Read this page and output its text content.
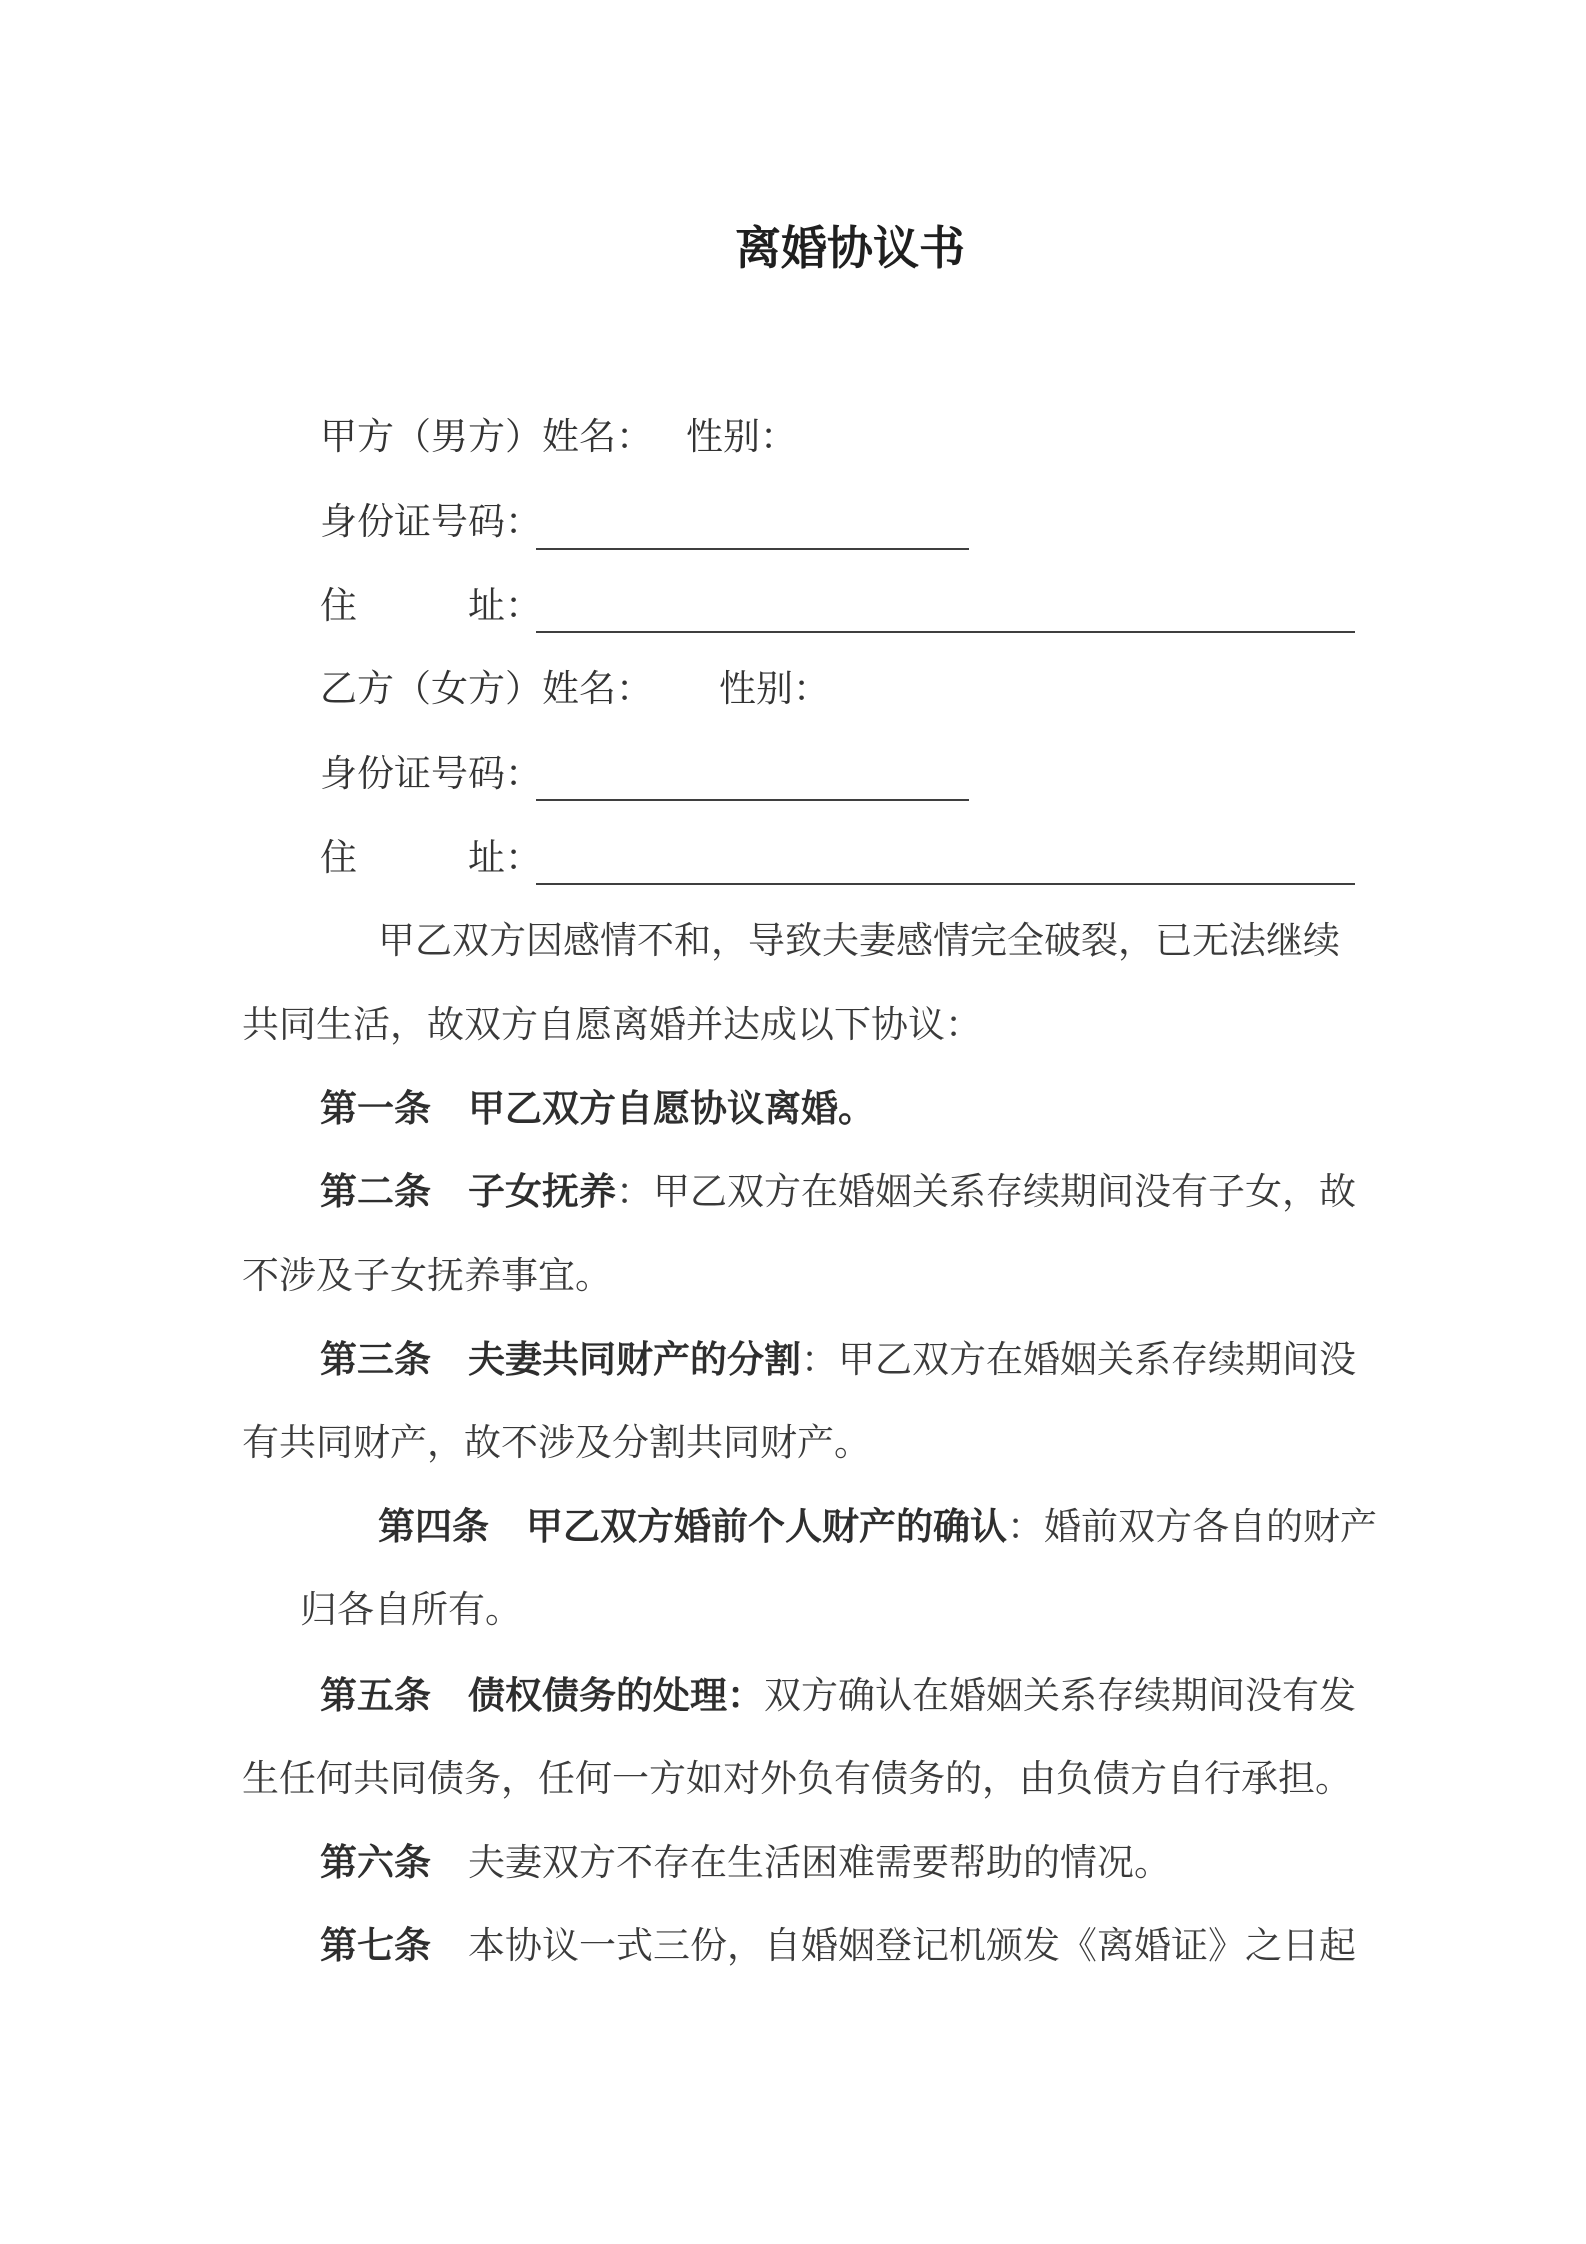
离婚协议书
甲方（男方）姓名： 性别：
身份证号码：
住　　　址：
乙方（女方）姓名： 性别：
身份证号码：
住　　　址：
甲乙双方因感情不和，导致夫妻感情完全破裂，已无法继续
共同生活，故双方自愿离婚并达成以下协议：
第一条　甲乙双方自愿协议离婚。
第二条　子女抚养：甲乙双方在婚姻关系存续期间没有子女，故
不涉及子女抚养事宜。
第三条　夫妻共同财产的分割：甲乙双方在婚姻关系存续期间没
有共同财产，故不涉及分割共同财产。
第四条　甲乙双方婚前个人财产的确认：婚前双方各自的财产
归各自所有。
第五条　债权债务的处理：双方确认在婚姻关系存续期间没有发
生任何共同债务，任何一方如对外负有债务的，由负债方自行承担。
第六条　夫妻双方不存在生活困难需要帮助的情况。
第七条　本协议一式三份，自婚姻登记机颁发《离婚证》之日起
